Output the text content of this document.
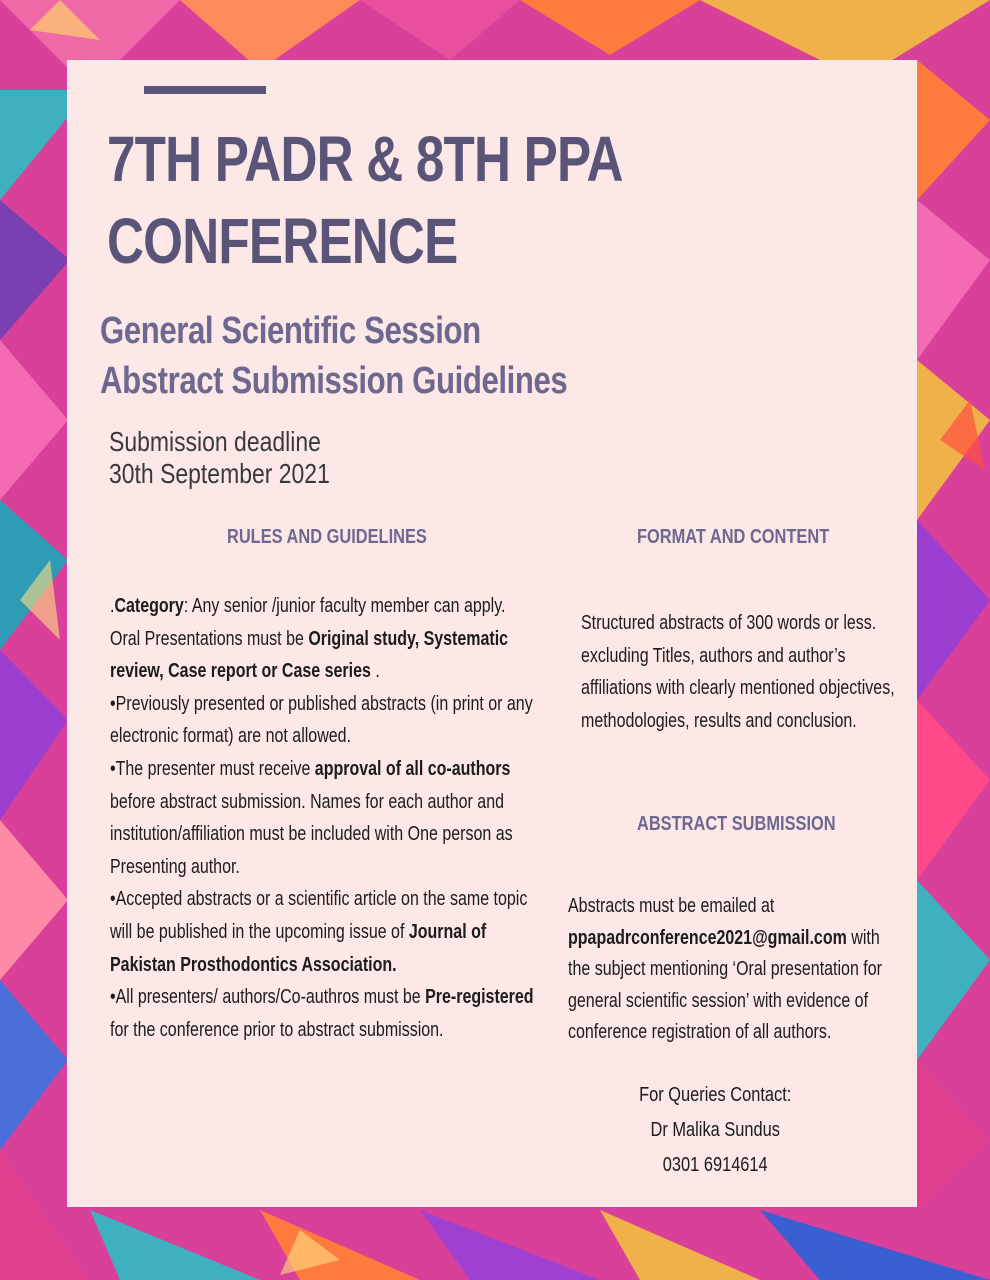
7TH PADR & 8TH PPA
CONFERENCE
General Scientific Session
Abstract Submission Guidelines
Submission deadline
30th September 2021
RULES AND GUIDELINES	FORMAT AND CONTENT
ABSTRACT SUBMISSION

.Category: Any senior /junior faculty member can apply.
Oral Presentations must be Original study, Systematic review, Case report or Case series .
•Previously presented or published abstracts (in print or any electronic format) are not allowed.
•The presenter must receive approval of all co-authors before abstract submission. Names for each author and institution/affiliation must be included with One person as Presenting author.
•Accepted abstracts or a scientific article on the same topic will be published in the upcoming issue of Journal of Pakistan Prosthodontics Association.
•All presenters/ authors/Co-authros must be Pre-registered for the conference prior to abstract submission.

Structured abstracts of 300 words or less. excluding Titles, authors and author’s affiliations with clearly mentioned objectives, methodologies, results and conclusion.

Abstracts must be emailed at ppapadrconference2021@gmail.com with the subject mentioning ‘Oral presentation for general scientific session’ with evidence of conference registration of all authors.

For Queries Contact:
Dr Malika Sundus
0301 6914614
